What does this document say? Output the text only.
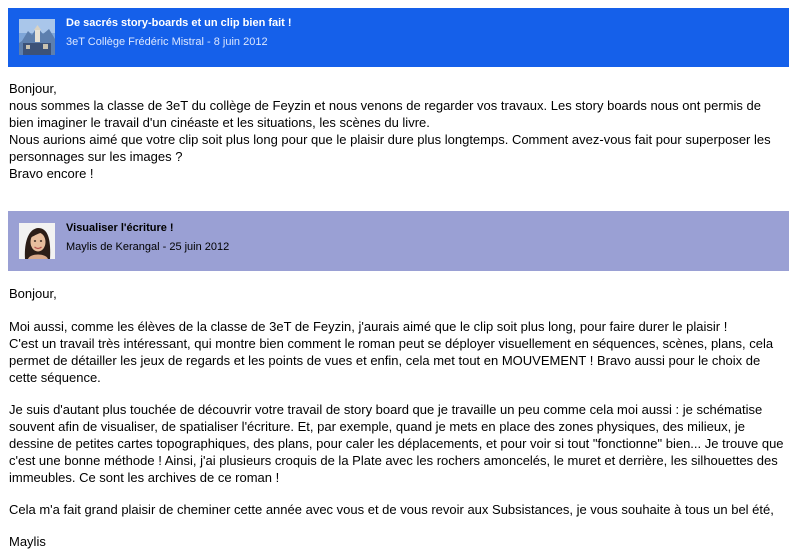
De sacrés story-boards et un clip bien fait !
3eT Collège Frédéric Mistral - 8 juin 2012

Bonjour,

nous sommes la classe de 3eT du collège de Feyzin et nous venons de regarder vos travaux. Les story boards nous ont permis de bien imaginer le travail d'un cinéaste et les situations, les scènes du livre.

Nous aurions aimé que votre clip soit plus long pour que le plaisir dure plus longtemps. Comment avez-vous fait pour superposer les personnages sur les images ?

Bravo encore !

Visualiser l'écriture !
Maylis de Kerangal - 25 juin 2012

Bonjour,

Moi aussi, comme les élèves de la classe de 3eT de Feyzin, j'aurais aimé que le clip soit plus long, pour faire durer le plaisir !

C'est un travail très intéressant, qui montre bien comment le roman peut se déployer visuellement en séquences, scènes, plans, cela permet de détailler les jeux de regards et les points de vues et enfin, cela met tout en MOUVEMENT ! Bravo aussi pour le choix de cette séquence.

Je suis d'autant plus touchée de découvrir votre travail de story board que je travaille un peu comme cela moi aussi : je schématise souvent afin de visualiser, de spatialiser l'écriture. Et, par exemple, quand je mets en place des zones physiques, des milieux, je dessine de petites cartes topographiques, des plans, pour caler les déplacements, et pour voir si tout "fonctionne" bien... Je trouve que c'est une bonne méthode ! Ainsi, j'ai plusieurs croquis de la Plate avec les rochers amoncelés, le muret et derrière, les silhouettes des immeubles. Ce sont les archives de ce roman !

Cela m'a fait grand plaisir de cheminer cette année avec vous et de vous revoir aux Subsistances, je vous souhaite à tous un bel été,

Maylis
